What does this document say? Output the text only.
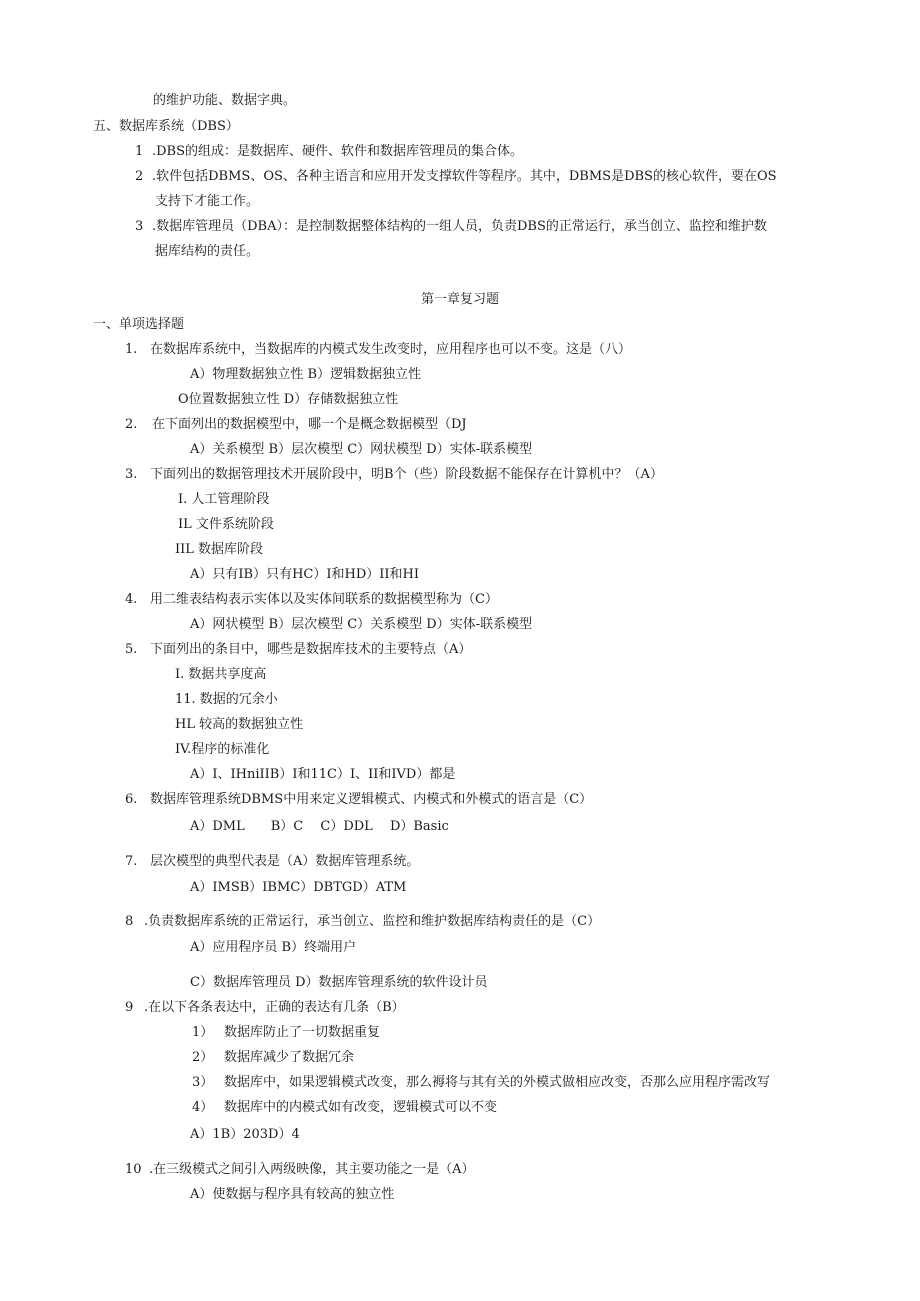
的维护功能、数据字典。
五、数据库系统（DBS）
1 .DBS的组成：是数据库、硬件、软件和数据库管理员的集合体。
2 .软件包括DBMS、OS、各种主语言和应用开发支撑软件等程序。其中，DBMS是DBS的核心软件，要在OS
支持下才能工作。
3 .数据库管理员（DBA）：是控制数据整体结构的一组人员，负责DBS的正常运行，承当创立、监控和维护数
据库结构的责任。
第一章复习题
一、单项选择题
1. 在数据库系统中，当数据库的内模式发生改变时，应用程序也可以不变。这是（八）
A）物理数据独立性 B）逻辑数据独立性
O位置数据独立性 D）存储数据独立性
2. 在下面列出的数据模型中，哪一个是概念数据模型（DJ
A）关系模型 B）层次模型 C）网状模型 D）实体-联系模型
3. 下面列出的数据管理技术开展阶段中，明B个（些）阶段数据不能保存在计算机中？（A）
I. 人工管理阶段
IL 文件系统阶段
IIL 数据库阶段
A）只有IB）只有HC）I和HD）II和HI
4. 用二维表结构表示实体以及实体间联系的数据模型称为（C）
A）网状模型 B）层次模型 C）关系模型 D）实体-联系模型
5. 下面列出的条目中，哪些是数据库技术的主要特点（A）
I. 数据共享度高
11. 数据的冗余小
HL 较高的数据独立性
IV.程序的标准化
A）I、IHniIIB）I和11C）I、II和IVD）都是
6. 数据库管理系统DBMS中用来定义逻辑模式、内模式和外模式的语言是（C）
A）DML　　B）C　 C）DDL　 D）Basic
7. 层次模型的典型代表是（A）数据库管理系统。
A）IMSB）IBMC）DBTGD）ATM
8 .负责数据库系统的正常运行，承当创立、监控和维护数据库结构责任的是（C）
A）应用程序员 B）终端用户
C）数据库管理员 D）数据库管理系统的软件设计员
9 .在以下各条表达中，正确的表达有几条（B）
1） 数据库防止了一切数据重复
2） 数据库减少了数据冗余
3） 数据库中，如果逻辑模式改变，那么褥将与其有关的外模式做相应改变，否那么应用程序需改写
4） 数据库中的内模式如有改变，逻辑模式可以不变
A）1B）203D）4
10 .在三级模式之间引入两级映像，其主要功能之一是（A）
A）使数据与程序具有较高的独立性
